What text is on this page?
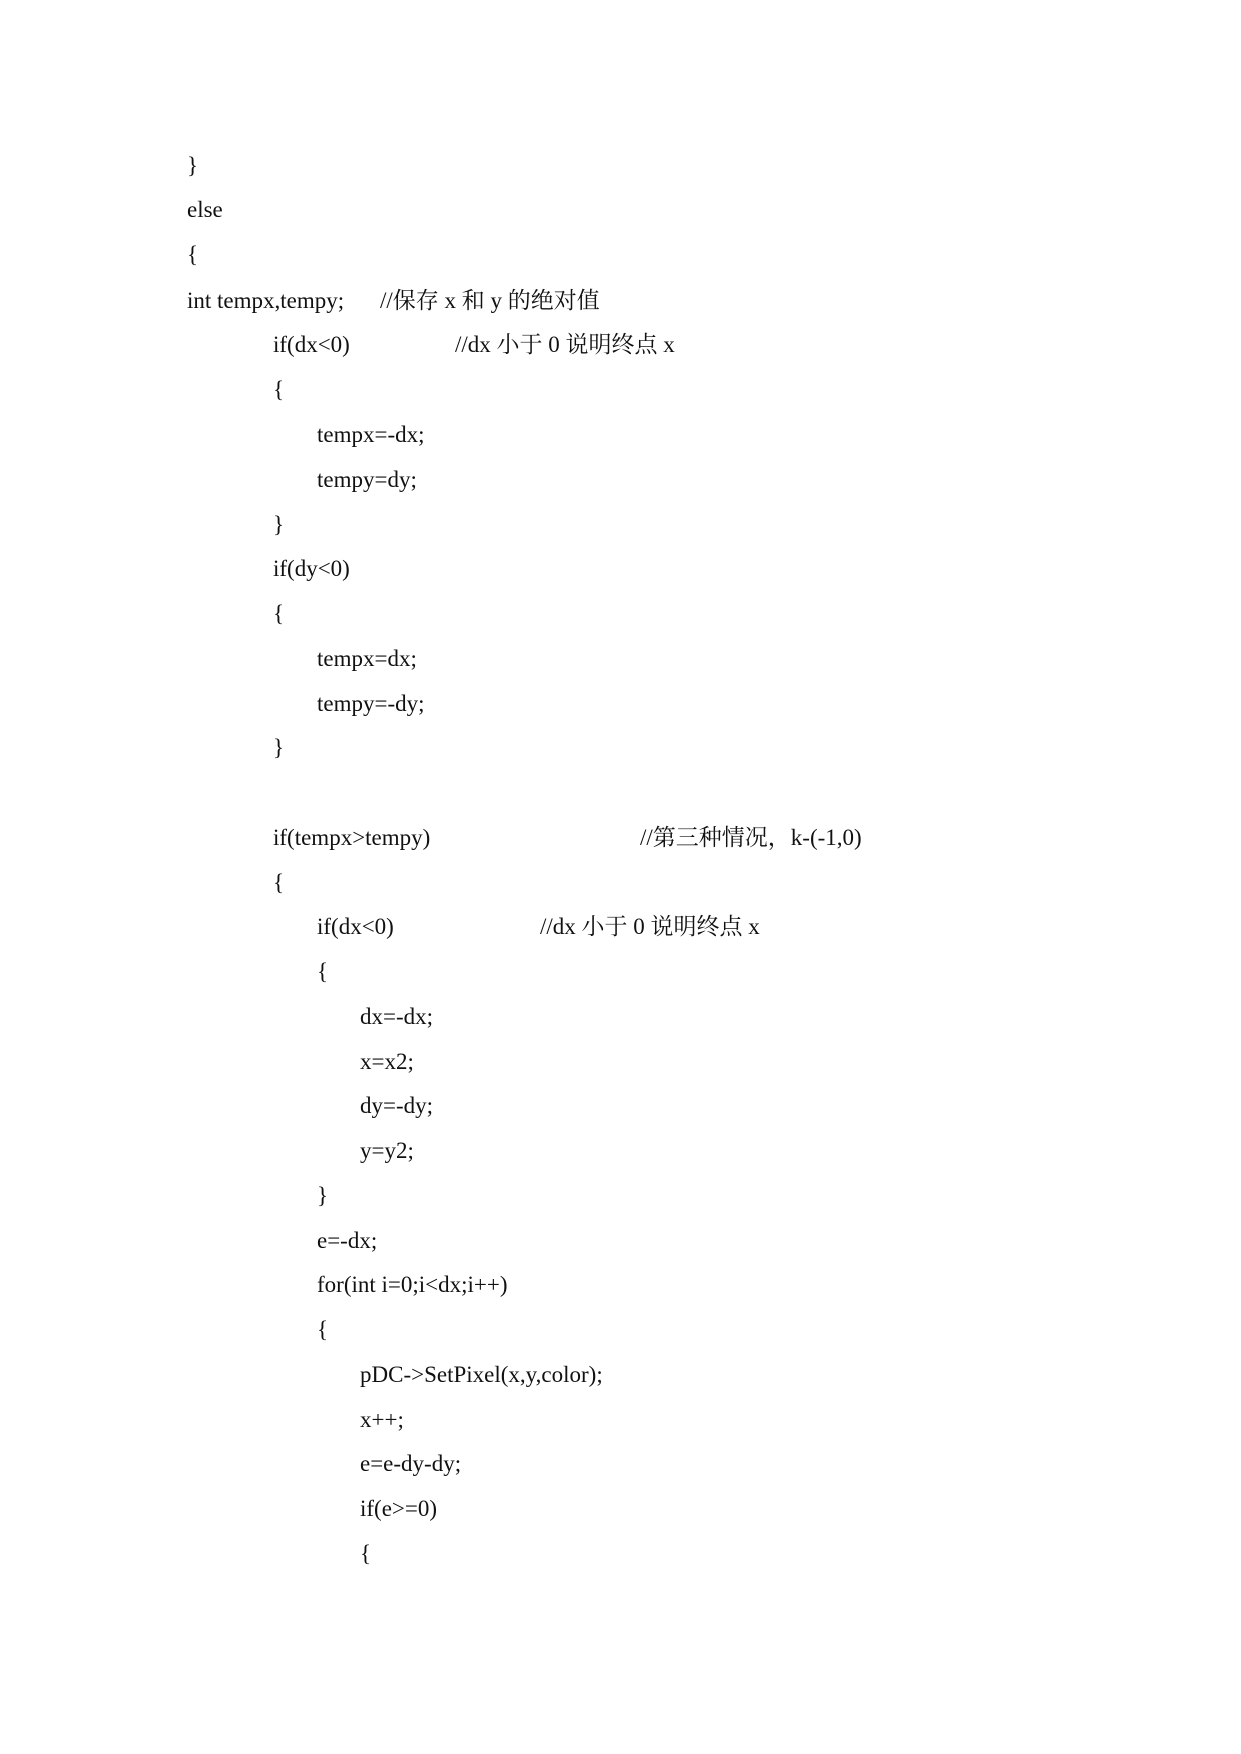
}
else
{
int tempx,tempy; //保存 x 和 y 的绝对值
if(dx<0)	//dx 小于 0 说明终点 x
{
tempx=-dx;
tempy=dy;
}
if(dy<0)
{
tempx=dx;
tempy=-dy;
}
if(tempx>tempy)	//第三种情况，k-(-1,0)
{
if(dx<0)	//dx 小于 0 说明终点 x
{
dx=-dx;
x=x2;
dy=-dy;
y=y2;
}
e=-dx;
for(int i=0;i<dx;i++)
{
pDC->SetPixel(x,y,color);
x++;
e=e-dy-dy;
if(e>=0)
{
